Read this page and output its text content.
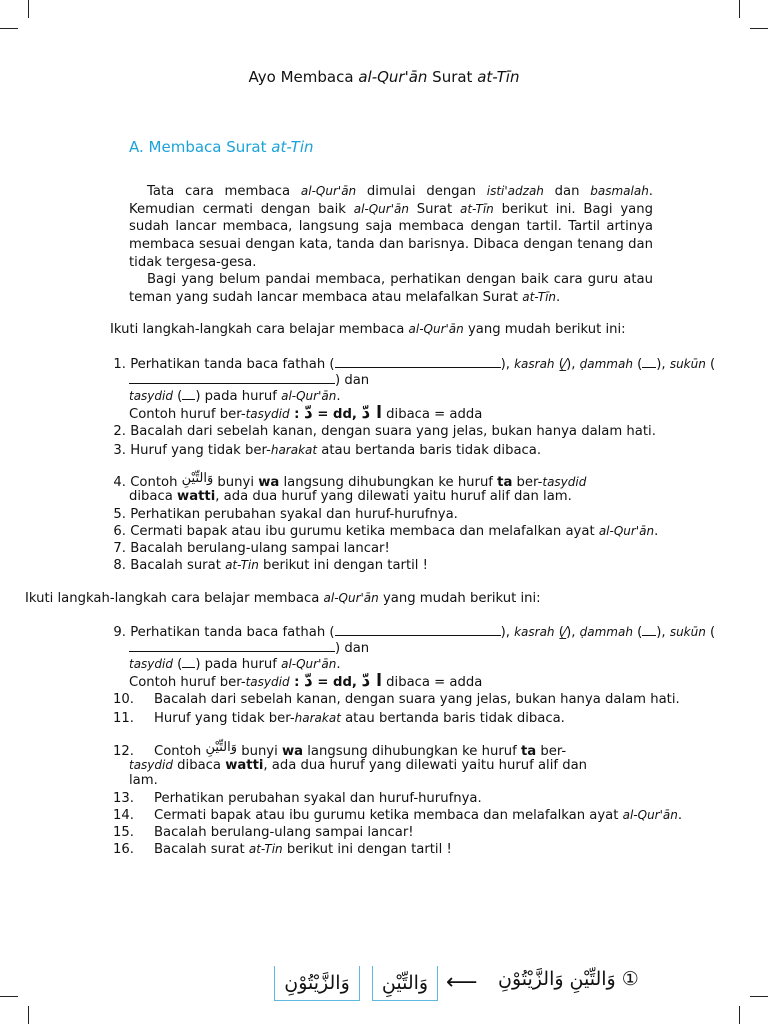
Ayo Membaca al-Qur'ān Surat at-Tīn
A. Membaca Surat at-Tin
Tata cara membaca al-Qur'ān dimulai dengan isti'adzah dan basmalah. Kemudian cermati dengan baik al-Qur'ān Surat at-Tīn berikut ini. Bagi yang sudah lancar membaca, langsung saja membaca dengan tartil. Tartil artinya membaca sesuai dengan kata, tanda dan barisnya. Dibaca dengan tenang dan tidak tergesa-gesa.
Bagi yang belum pandai membaca, perhatikan dengan baik cara guru atau teman yang sudah lancar membaca atau melafalkan Surat at-Tīn.
Ikuti langkah-langkah cara belajar membaca al-Qur'ān yang mudah berikut ini:
1. Perhatikan tanda baca fathah (	), kasrah (⁄̲), ḍammah ( ), sukūn (
) dan
tasydid ( ) pada huruf al-Qur'ān.
Contoh huruf ber-tasydid : دّ = dd, ا دّ dibaca = adda
2. Bacalah dari sebelah kanan, dengan suara yang jelas, bukan hanya dalam hati.
3. Huruf yang tidak ber-harakat atau bertanda baris tidak dibaca.
4. Contoh وَالتِّيْنِ bunyi wa langsung dihubungkan ke huruf ta ber-tasydid
dibaca watti, ada dua huruf yang dilewati yaitu huruf alif dan lam.
5. Perhatikan perubahan syakal dan huruf-hurufnya.
6. Cermati bapak atau ibu gurumu ketika membaca dan melafalkan ayat al-Qur'ān.
7. Bacalah berulang-ulang sampai lancar!
8. Bacalah surat at-Tin berikut ini dengan tartil !
Ikuti langkah-langkah cara belajar membaca al-Qur'ān yang mudah berikut ini:
9. Perhatikan tanda baca fathah (	), kasrah (⁄̲), ḍammah ( ), sukūn (
) dan
tasydid ( ) pada huruf al-Qur'ān.
Contoh huruf ber-tasydid : دّ = dd, ا دّ dibaca = adda
10. Bacalah dari sebelah kanan, dengan suara yang jelas, bukan hanya dalam hati.
11. Huruf yang tidak ber-harakat atau bertanda baris tidak dibaca.
12. Contoh وَالتِّيْنِ bunyi wa langsung dihubungkan ke huruf ta ber-
tasydid dibaca watti, ada dua huruf yang dilewati yaitu huruf alif dan
lam.
13. Perhatikan perubahan syakal dan huruf-hurufnya.
14. Cermati bapak atau ibu gurumu ketika membaca dan melafalkan ayat al-Qur'ān.
15. Bacalah berulang-ulang sampai lancar!
16. Bacalah surat at-Tin berikut ini dengan tartil !
وَالزَّيْتُوْنِ	وَالتِّيْنِ ⟵ وَالتِّيْنِ وَالزَّيْتُوْنِ ①
